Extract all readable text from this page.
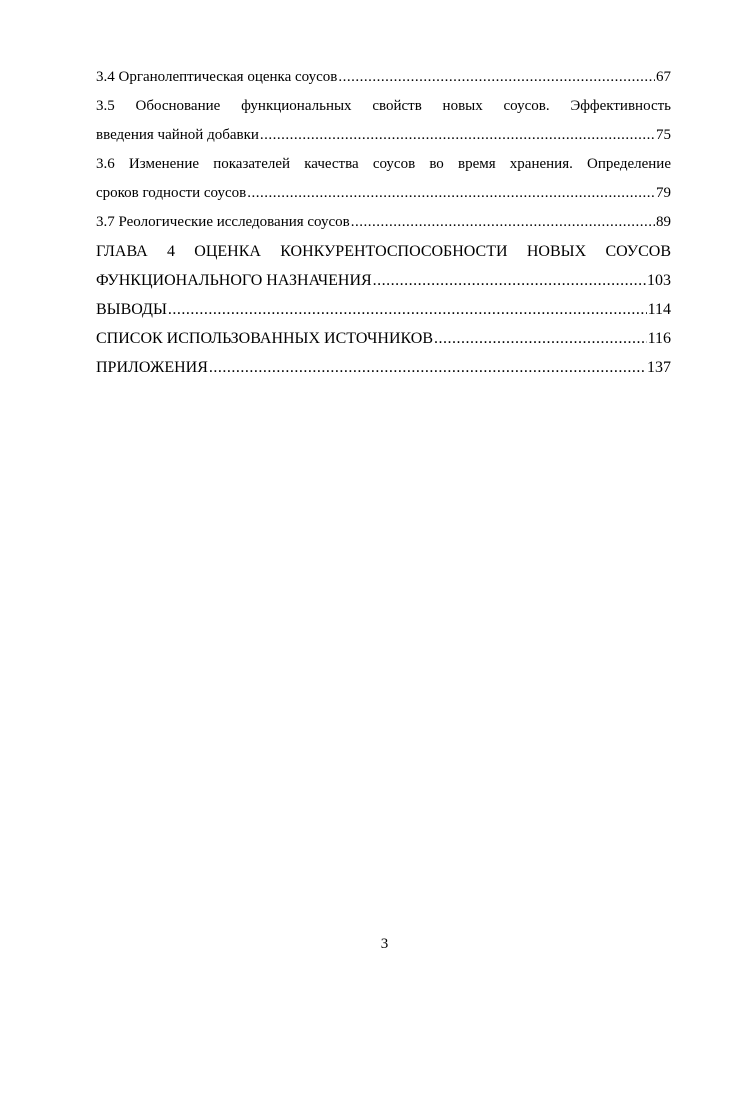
3.4 Органолептическая оценка соусов .....	67
3.5 Обоснование функциональных свойств новых соусов. Эффективность
введения чайной добавки .....	75
3.6 Изменение показателей качества соусов во время хранения. Определение
сроков годности соусов .....	79
3.7 Реологические исследования соусов .....	89
ГЛАВА 4 ОЦЕНКА КОНКУРЕНТОСПОСОБНОСТИ НОВЫХ СОУСОВ
ФУНКЦИОНАЛЬНОГО НАЗНАЧЕНИЯ .....	103
ВЫВОДЫ .....	114
СПИСОК ИСПОЛЬЗОВАННЫХ ИСТОЧНИКОВ .....	116
ПРИЛОЖЕНИЯ .....	137
3
